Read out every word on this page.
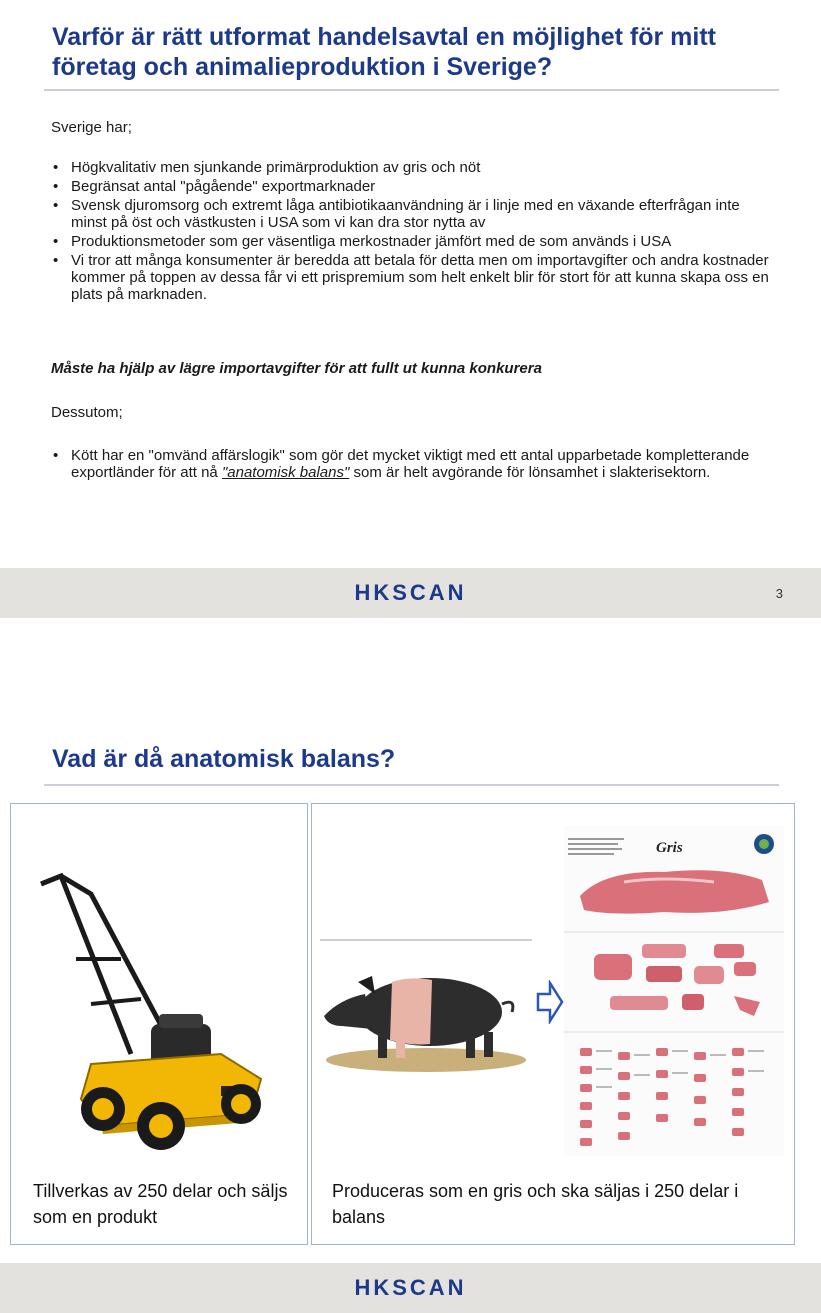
Varför är rätt utformat handelsavtal en möjlighet för mitt företag och animalieproduktion i Sverige?
Sverige har;
• Högkvalitativ men sjunkande primärproduktion av gris och nöt
• Begränsat antal "pågående" exportmarknader
• Svensk djuromsorg och extremt låga antibiotikaanvändning är i linje med en växande efterfrågan inte minst på öst och västkusten i USA som vi kan dra stor nytta av
• Produktionsmetoder som ger väsentliga merkostnader jämfört med de som används i USA
• Vi tror att många konsumenter är beredda att betala för detta men om importavgifter och andra kostnader kommer på toppen av dessa får vi ett prispremium som helt enkelt blir för stort för att kunna skapa oss en plats på marknaden.
Måste ha hjälp av lägre importavgifter för att fullt ut kunna konkurera
Dessutom;
• Kött har en "omvänd affärslogik" som gör det mycket viktigt med ett antal upparbetade kompletterande exportländer för att nå "anatomisk balans" som är helt avgörande för lönsamhet i slakterisektorn.
HKSCAN	3
Vad är då anatomisk balans?
Tillverkas av 250 delar och säljs som en produkt
Gris
Produceras som en gris och ska säljas i 250 delar i balans
HKSCAN
